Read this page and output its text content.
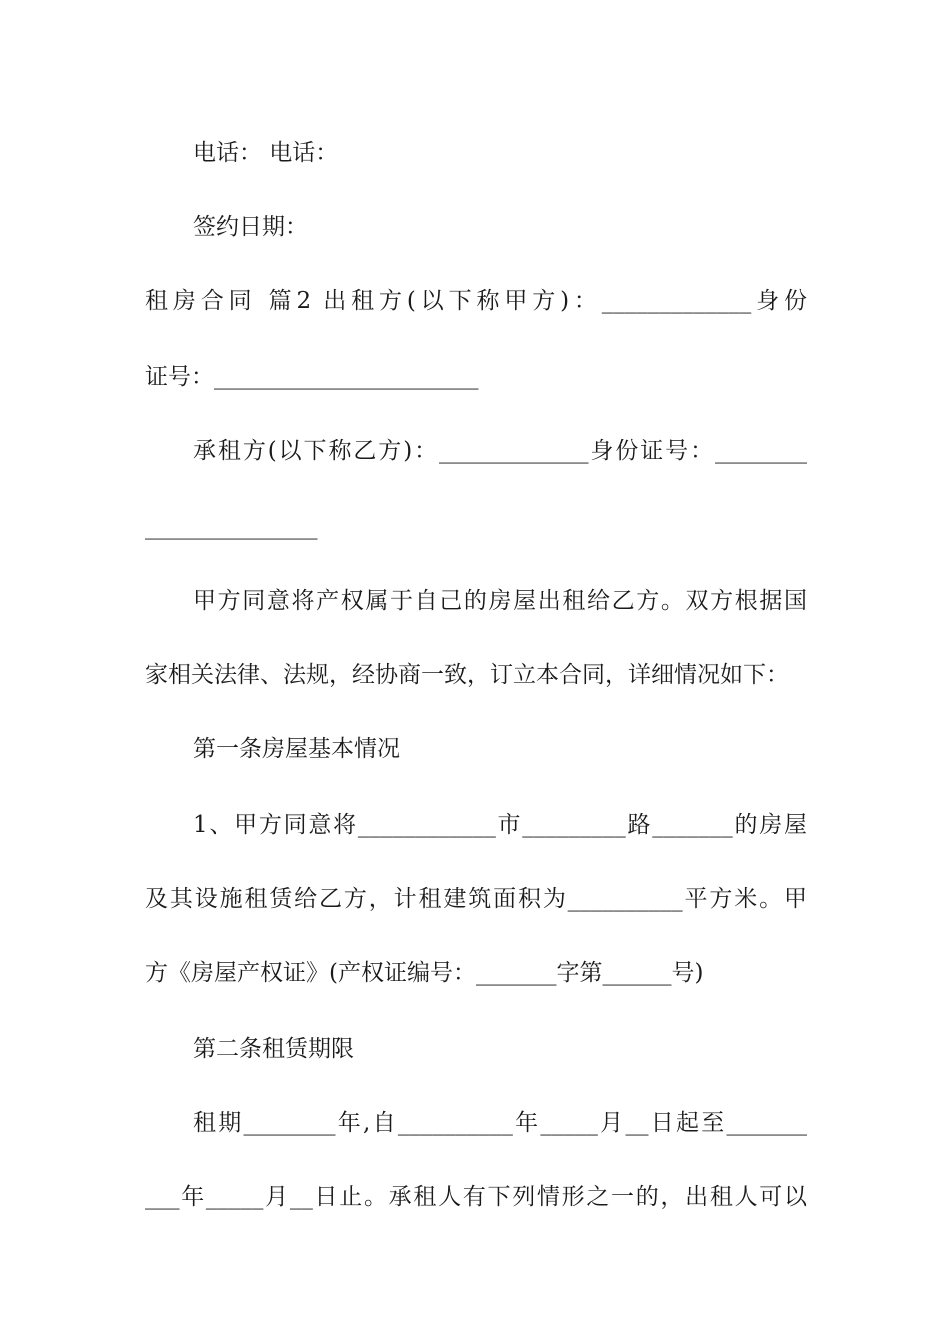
电话： 电话：
签约日期：
租房合同 篇2 出租方(以下称甲方)：_____________身份
证号：_______________________
承租方(以下称乙方)：_____________身份证号：________
_______________
甲方同意将产权属于自己的房屋出租给乙方。双方根据国
家相关法律、法规，经协商一致，订立本合同，详细情况如下：
第一条房屋基本情况
1、甲方同意将____________市_________路_______的房屋
及其设施租赁给乙方，计租建筑面积为__________平方米。甲
方《房屋产权证》(产权证编号：_______字第______号)
第二条租赁期限
租期________年,自__________年_____月__日起至_______
___年_____月__日止。承租人有下列情形之一的，出租人可以
